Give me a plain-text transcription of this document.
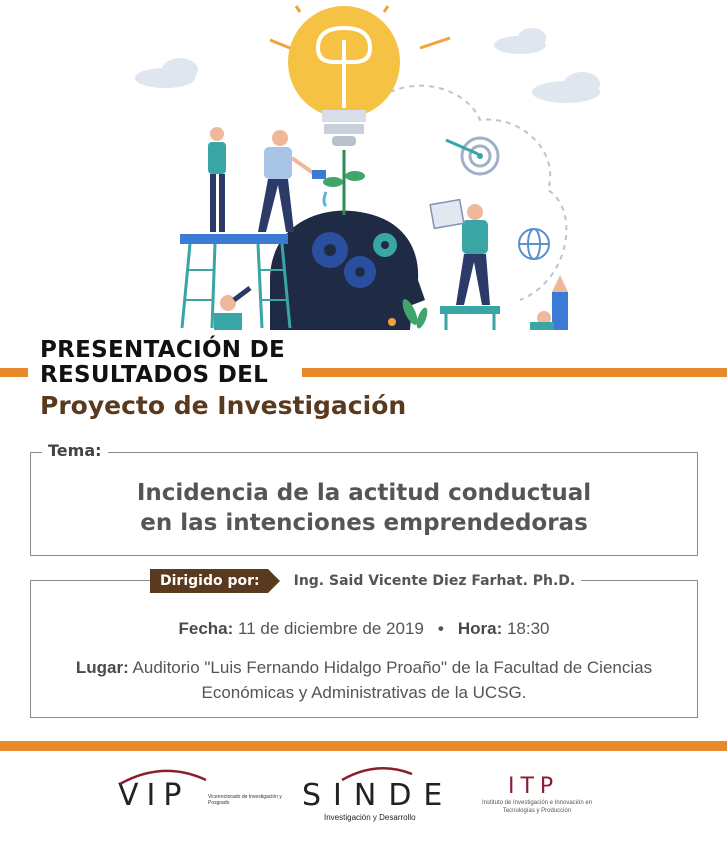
PRESENTACIÓN DE
RESULTADOS DEL
Proyecto de Investigación
Tema:
Incidencia de la actitud conductual
en las intenciones emprendedoras
Dirigido por:	Ing. Said Vicente Diez Farhat. Ph.D.
Fecha: 11 de diciembre de 2019 • Hora: 18:30
Lugar: Auditorio "Luis Fernando Hidalgo Proaño" de la Facultad de Ciencias
Económicas y Administrativas de la UCSG.
VIP	Vicerrectorado de Investigación y Posgrado	SINDE
Investigación y Desarrollo
ITP
Instituto de Investigación e Innovación en Tecnologías y Producción
